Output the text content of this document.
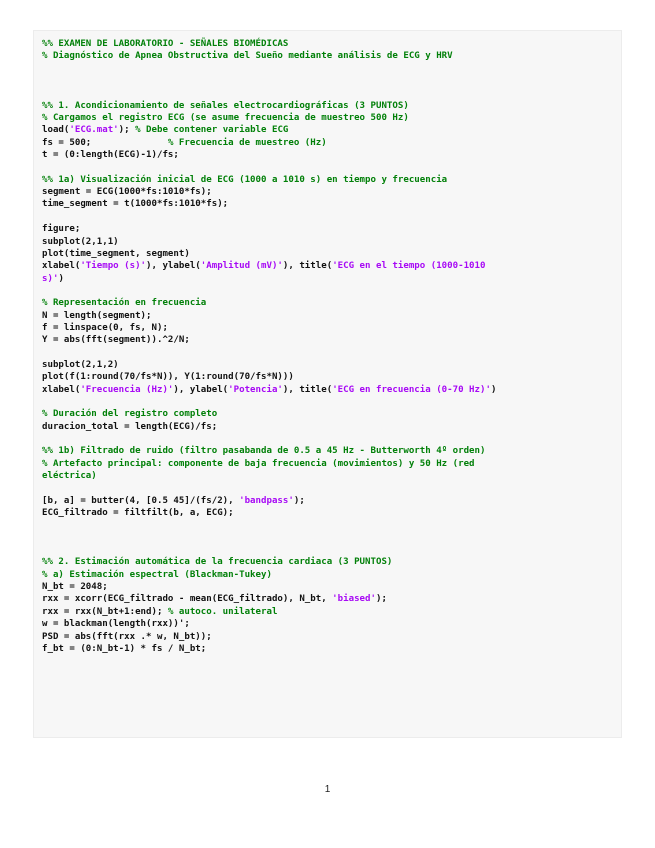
%% EXAMEN DE LABORATORIO - SEÑALES BIOMÉDICAS
% Diagnóstico de Apnea Obstructiva del Sueño mediante análisis de ECG y HRV

%% 1. Acondicionamiento de señales electrocardiográficas (3 PUNTOS)
% Cargamos el registro ECG (se asume frecuencia de muestreo 500 Hz)
load('ECG.mat'); % Debe contener variable ECG
fs = 500;              % Frecuencia de muestreo (Hz)
t = (0:length(ECG)-1)/fs;

%% 1a) Visualización inicial de ECG (1000 a 1010 s) en tiempo y frecuencia
segment = ECG(1000*fs:1010*fs);
time_segment = t(1000*fs:1010*fs);

figure;
subplot(2,1,1)
plot(time_segment, segment)
xlabel('Tiempo (s)'), ylabel('Amplitud (mV)'), title('ECG en el tiempo (1000-1010
s)')

% Representación en frecuencia
N = length(segment);
f = linspace(0, fs, N);
Y = abs(fft(segment)).^2/N;

subplot(2,1,2)
plot(f(1:round(70/fs*N)), Y(1:round(70/fs*N)))
xlabel('Frecuencia (Hz)'), ylabel('Potencia'), title('ECG en frecuencia (0-70 Hz)')

% Duración del registro completo
duracion_total = length(ECG)/fs;

%% 1b) Filtrado de ruido (filtro pasabanda de 0.5 a 45 Hz - Butterworth 4º orden)
% Artefacto principal: componente de baja frecuencia (movimientos) y 50 Hz (red
eléctrica)

[b, a] = butter(4, [0.5 45]/(fs/2), 'bandpass');
ECG_filtrado = filtfilt(b, a, ECG);

%% 2. Estimación automática de la frecuencia cardiaca (3 PUNTOS)
% a) Estimación espectral (Blackman-Tukey)
N_bt = 2048;
rxx = xcorr(ECG_filtrado - mean(ECG_filtrado), N_bt, 'biased');
rxx = rxx(N_bt+1:end); % autoco. unilateral
w = blackman(length(rxx))';
PSD = abs(fft(rxx .* w, N_bt));
f_bt = (0:N_bt-1) * fs / N_bt;
1
